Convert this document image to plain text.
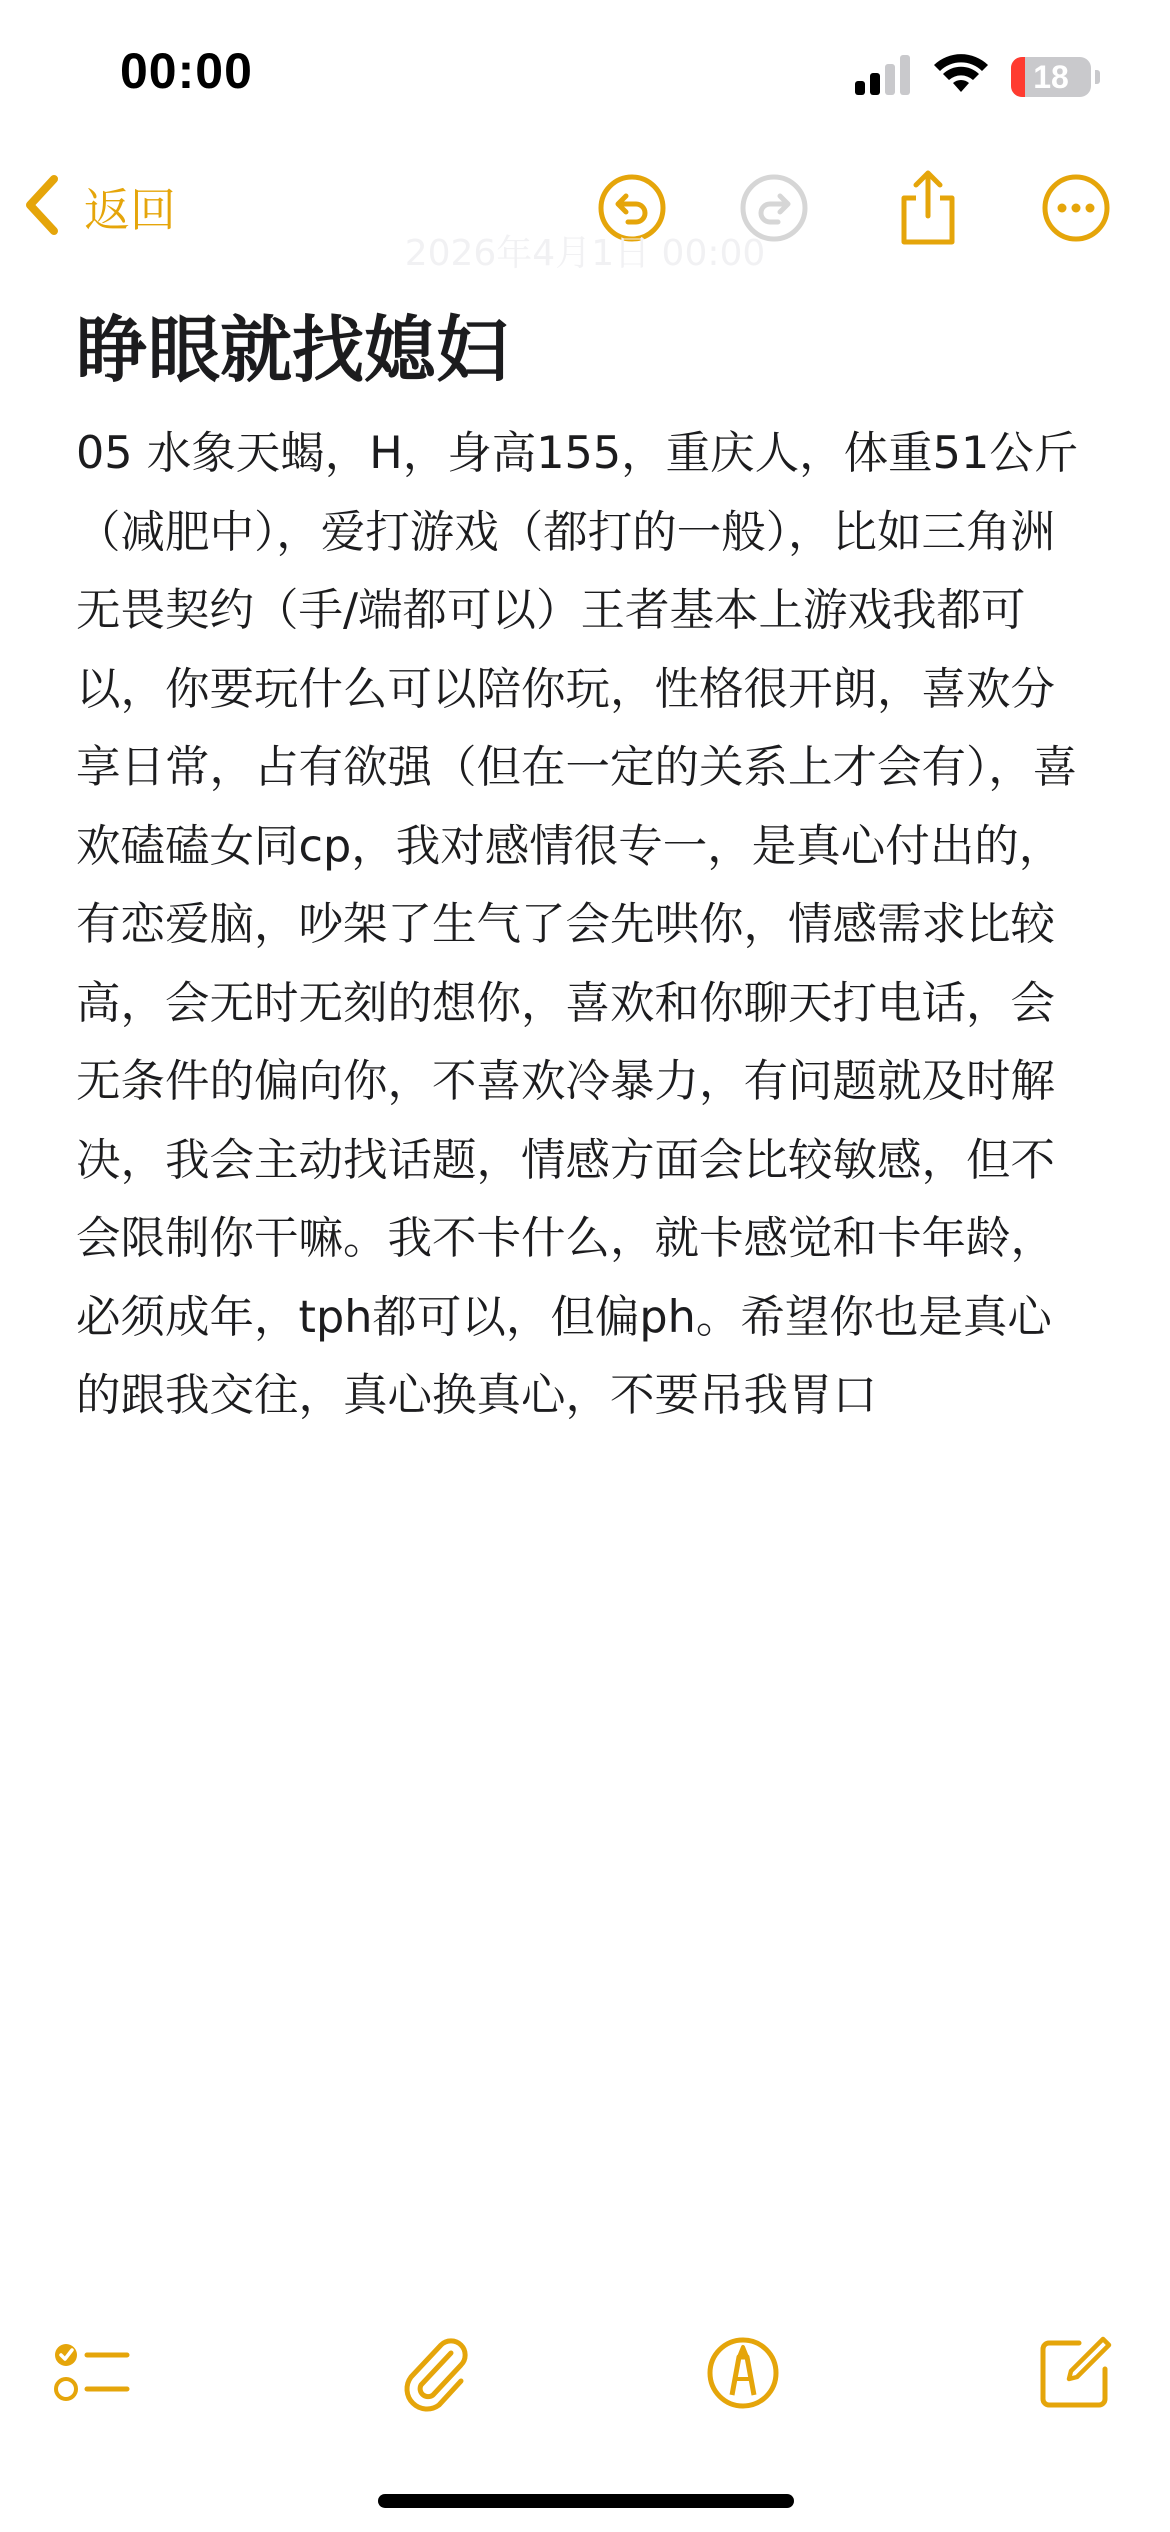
00:00	18
返回
2026年4月1日 00:00
睁眼就找媳妇
05 水象天蝎，H，身高155，重庆人，体重51公斤（减肥中），爱打游戏（都打的一般），比如三角洲 无畏契约（手/端都可以）王者基本上游戏我都可以，你要玩什么可以陪你玩，性格很开朗，喜欢分享日常，占有欲强（但在一定的关系上才会有），喜欢磕磕女同cp，我对感情很专一，是真心付出的，有恋爱脑，吵架了生气了会先哄你，情感需求比较高，会无时无刻的想你，喜欢和你聊天打电话，会无条件的偏向你，不喜欢冷暴力，有问题就及时解决，我会主动找话题，情感方面会比较敏感，但不会限制你干嘛。我不卡什么，就卡感觉和卡年龄，必须成年，tph都可以，但偏ph。希望你也是真心的跟我交往，真心换真心，不要吊我胃口
